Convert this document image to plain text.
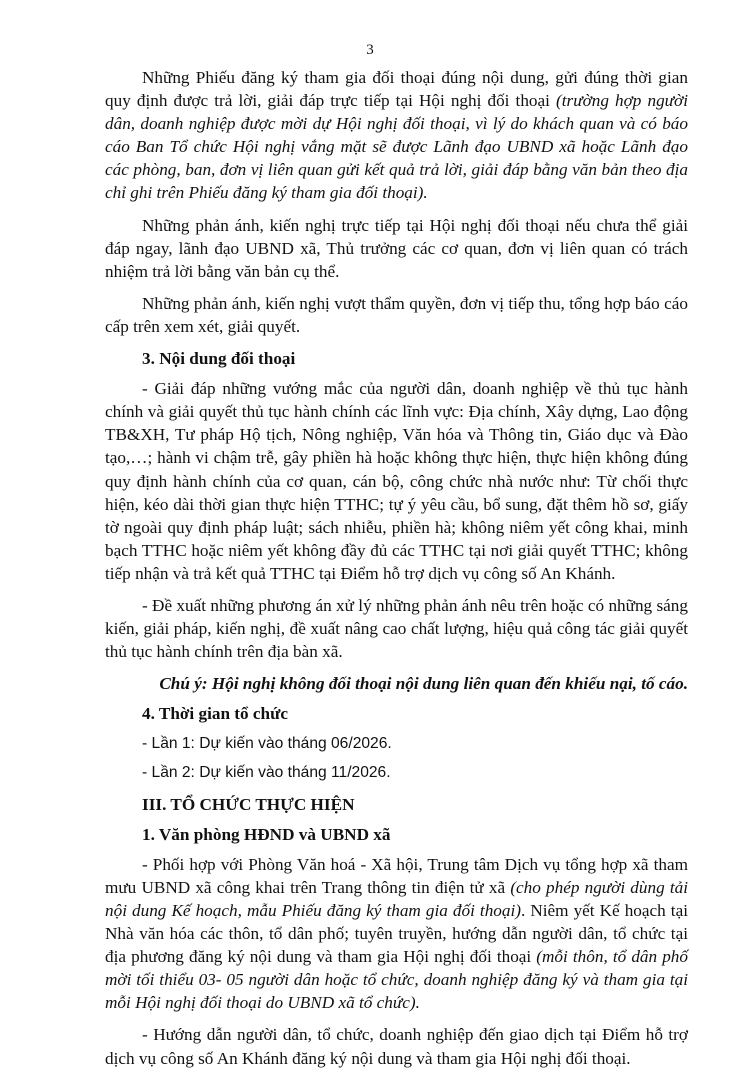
3

Những Phiếu đăng ký tham gia đối thoại đúng nội dung, gửi đúng thời gian quy định được trả lời, giải đáp trực tiếp tại Hội nghị đối thoại (trường hợp người dân, doanh nghiệp được mời dự Hội nghị đối thoại, vì lý do khách quan và có báo cáo Ban Tổ chức Hội nghị vắng mặt sẽ được Lãnh đạo UBND xã hoặc Lãnh đạo các phòng, ban, đơn vị liên quan gửi kết quả trả lời, giải đáp bằng văn bản theo địa chỉ ghi trên Phiếu đăng ký tham gia đối thoại).

Những phản ánh, kiến nghị trực tiếp tại Hội nghị đối thoại nếu chưa thể giải đáp ngay, lãnh đạo UBND xã, Thủ trưởng các cơ quan, đơn vị liên quan có trách nhiệm trả lời bằng văn bản cụ thể.

Những phản ánh, kiến nghị vượt thẩm quyền, đơn vị tiếp thu, tổng hợp báo cáo cấp trên xem xét, giải quyết.

3. Nội dung đối thoại

- Giải đáp những vướng mắc của người dân, doanh nghiệp về thủ tục hành chính và giải quyết thủ tục hành chính các lĩnh vực: Địa chính, Xây dựng, Lao động TB&XH, Tư pháp Hộ tịch, Nông nghiệp, Văn hóa và Thông tin, Giáo dục và Đào tạo,…; hành vi chậm trễ, gây phiền hà hoặc không thực hiện, thực hiện không đúng quy định hành chính của cơ quan, cán bộ, công chức nhà nước như: Từ chối thực hiện, kéo dài thời gian thực hiện TTHC; tự ý yêu cầu, bổ sung, đặt thêm hồ sơ, giấy tờ ngoài quy định pháp luật; sách nhiễu, phiền hà; không niêm yết công khai, minh bạch TTHC hoặc niêm yết không đầy đủ các TTHC tại nơi giải quyết TTHC; không tiếp nhận và trả kết quả TTHC tại Điểm hỗ trợ dịch vụ công số An Khánh.

- Đề xuất những phương án xử lý những phản ánh nêu trên hoặc có những sáng kiến, giải pháp, kiến nghị, đề xuất nâng cao chất lượng, hiệu quả công tác giải quyết thủ tục hành chính trên địa bàn xã.

Chú ý: Hội nghị không đối thoại nội dung liên quan đến khiếu nại, tố cáo.

4. Thời gian tổ chức

- Lần 1: Dự kiến vào tháng 06/2026.

- Lần 2: Dự kiến vào tháng 11/2026.

III. TỔ CHỨC THỰC HIỆN

1. Văn phòng HĐND và UBND xã

- Phối hợp với Phòng Văn hoá - Xã hội, Trung tâm Dịch vụ tổng hợp xã tham mưu UBND xã công khai trên Trang thông tin điện tử xã (cho phép người dùng tải nội dung Kế hoạch, mẫu Phiếu đăng ký tham gia đối thoại). Niêm yết Kế hoạch tại Nhà văn hóa các thôn, tổ dân phố; tuyên truyền, hướng dẫn người dân, tổ chức tại địa phương đăng ký nội dung và tham gia Hội nghị đối thoại (mỗi thôn, tổ dân phố mời tối thiểu 03- 05 người dân hoặc tổ chức, doanh nghiệp đăng ký và tham gia tại mỗi Hội nghị đối thoại do UBND xã tổ chức).

- Hướng dẫn người dân, tổ chức, doanh nghiệp đến giao dịch tại Điểm hỗ trợ dịch vụ công số An Khánh đăng ký nội dung và tham gia Hội nghị đối thoại.
